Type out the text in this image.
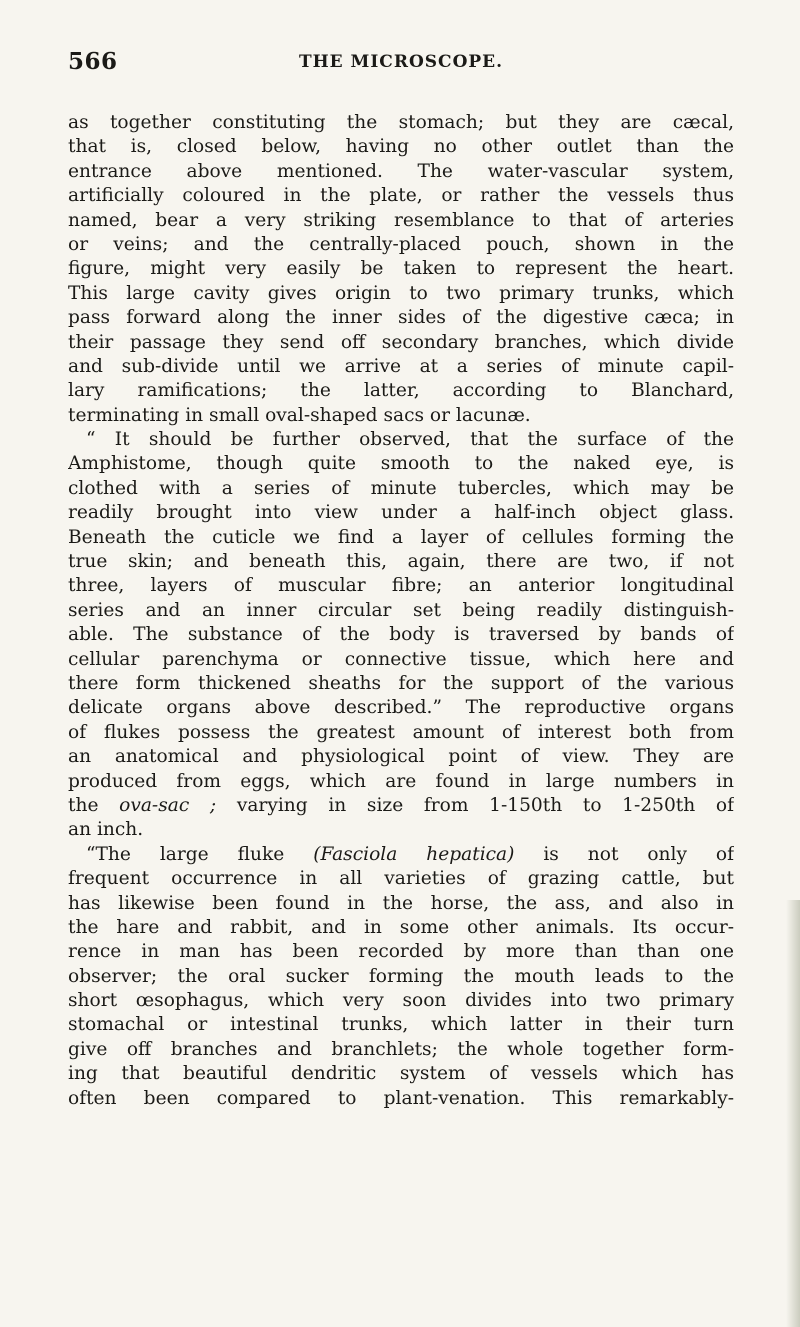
566	THE MICROSCOPE.
as together constituting the stomach; but they are cæcal,
that is, closed below, having no other outlet than the
entrance above mentioned. The water-vascular system,
artificially coloured in the plate, or rather the vessels thus
named, bear a very striking resemblance to that of arteries
or veins; and the centrally-placed pouch, shown in the
figure, might very easily be taken to represent the heart.
This large cavity gives origin to two primary trunks, which
pass forward along the inner sides of the digestive cæca; in
their passage they send off secondary branches, which divide
and sub-divide until we arrive at a series of minute capil-
lary ramifications; the latter, according to Blanchard,
terminating in small oval-shaped sacs or lacunæ.
“ It should be further observed, that the surface of the
Amphistome, though quite smooth to the naked eye, is
clothed with a series of minute tubercles, which may be
readily brought into view under a half-inch object glass.
Beneath the cuticle we find a layer of cellules forming the
true skin; and beneath this, again, there are two, if not
three, layers of muscular fibre; an anterior longitudinal
series and an inner circular set being readily distinguish-
able. The substance of the body is traversed by bands of
cellular parenchyma or connective tissue, which here and
there form thickened sheaths for the support of the various
delicate organs above described.” The reproductive organs
of flukes possess the greatest amount of interest both from
an anatomical and physiological point of view. They are
produced from eggs, which are found in large numbers in
the ova-sac ; varying in size from 1-150th to 1-250th of
an inch.
“The large fluke (Fasciola hepatica) is not only of
frequent occurrence in all varieties of grazing cattle, but
has likewise been found in the horse, the ass, and also in
the hare and rabbit, and in some other animals. Its occur-
rence in man has been recorded by more than than one
observer; the oral sucker forming the mouth leads to the
short œsophagus, which very soon divides into two primary
stomachal or intestinal trunks, which latter in their turn
give off branches and branchlets; the whole together form-
ing that beautiful dendritic system of vessels which has
often been compared to plant-venation. This remarkably-
